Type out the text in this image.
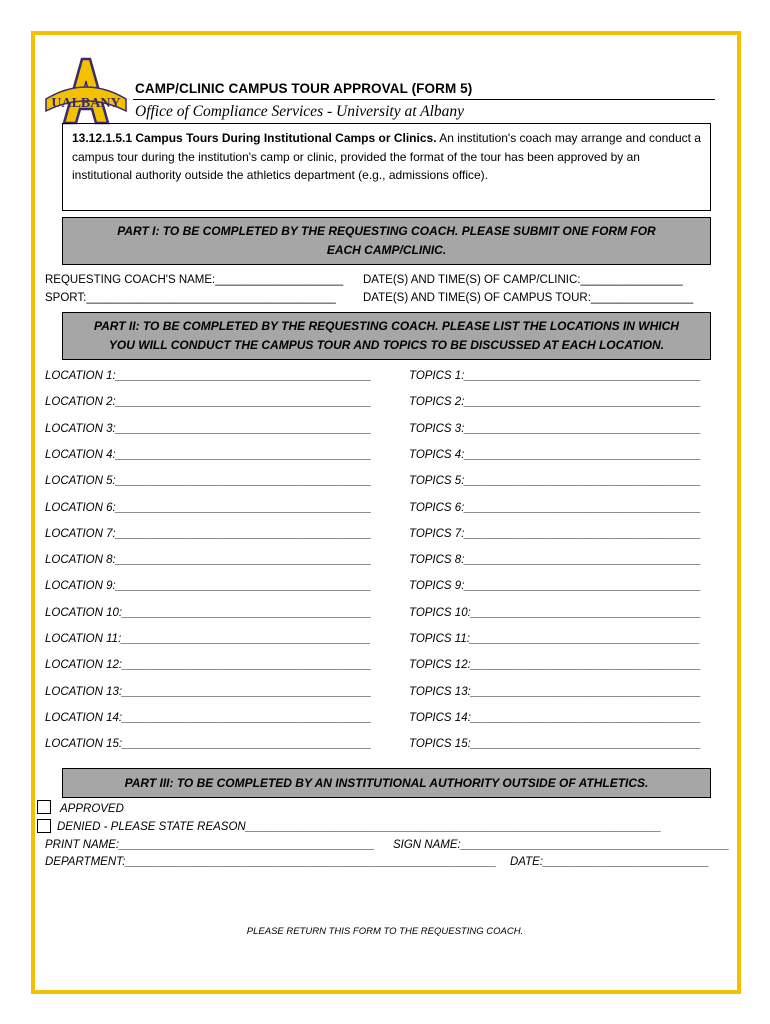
UALBANY
CAMP/CLINIC CAMPUS TOUR APPROVAL (FORM 5)
Office of Compliance Services - University at Albany
13.12.1.5.1 Campus Tours During Institutional Camps or Clinics. An institution's coach may arrange and conduct a campus tour during the institution's camp or clinic, provided the format of the tour has been approved by an institutional authority outside the athletics department (e.g., admissions office).
PART I: TO BE COMPLETED BY THE REQUESTING COACH. PLEASE SUBMIT ONE FORM FOR EACH CAMP/CLINIC.
REQUESTING COACH'S NAME:____________________ DATE(S) AND TIME(S) OF CAMP/CLINIC:________________
SPORT:_______________________________________ DATE(S) AND TIME(S) OF CAMPUS TOUR:________________
PART II: TO BE COMPLETED BY THE REQUESTING COACH. PLEASE LIST THE LOCATIONS IN WHICH YOU WILL CONDUCT THE CAMPUS TOUR AND TOPICS TO BE DISCUSSED AT EACH LOCATION.
LOCATION 1:________________________________________	TOPICS 1:_____________________________________
LOCATION 2:________________________________________	TOPICS 2:_____________________________________
LOCATION 3:________________________________________	TOPICS 3:_____________________________________
LOCATION 4:________________________________________	TOPICS 4:_____________________________________
LOCATION 5:________________________________________	TOPICS 5:_____________________________________
LOCATION 6:________________________________________	TOPICS 6:_____________________________________
LOCATION 7:________________________________________	TOPICS 7:_____________________________________
LOCATION 8:________________________________________	TOPICS 8:_____________________________________
LOCATION 9:________________________________________	TOPICS 9:_____________________________________
LOCATION 10:_______________________________________	TOPICS 10:____________________________________
LOCATION 11:_______________________________________	TOPICS 11:____________________________________
LOCATION 12:_______________________________________	TOPICS 12:____________________________________
LOCATION 13:_______________________________________	TOPICS 13:____________________________________
LOCATION 14:_______________________________________	TOPICS 14:____________________________________
LOCATION 15:_______________________________________	TOPICS 15:____________________________________
PART III: TO BE COMPLETED BY AN INSTITUTIONAL AUTHORITY OUTSIDE OF ATHLETICS.
APPROVED
DENIED - PLEASE STATE REASON_________________________________________________________________
PRINT NAME:________________________________________ SIGN NAME:__________________________________________
DEPARTMENT:__________________________________________________________ DATE:__________________________
PLEASE RETURN THIS FORM TO THE REQUESTING COACH.
